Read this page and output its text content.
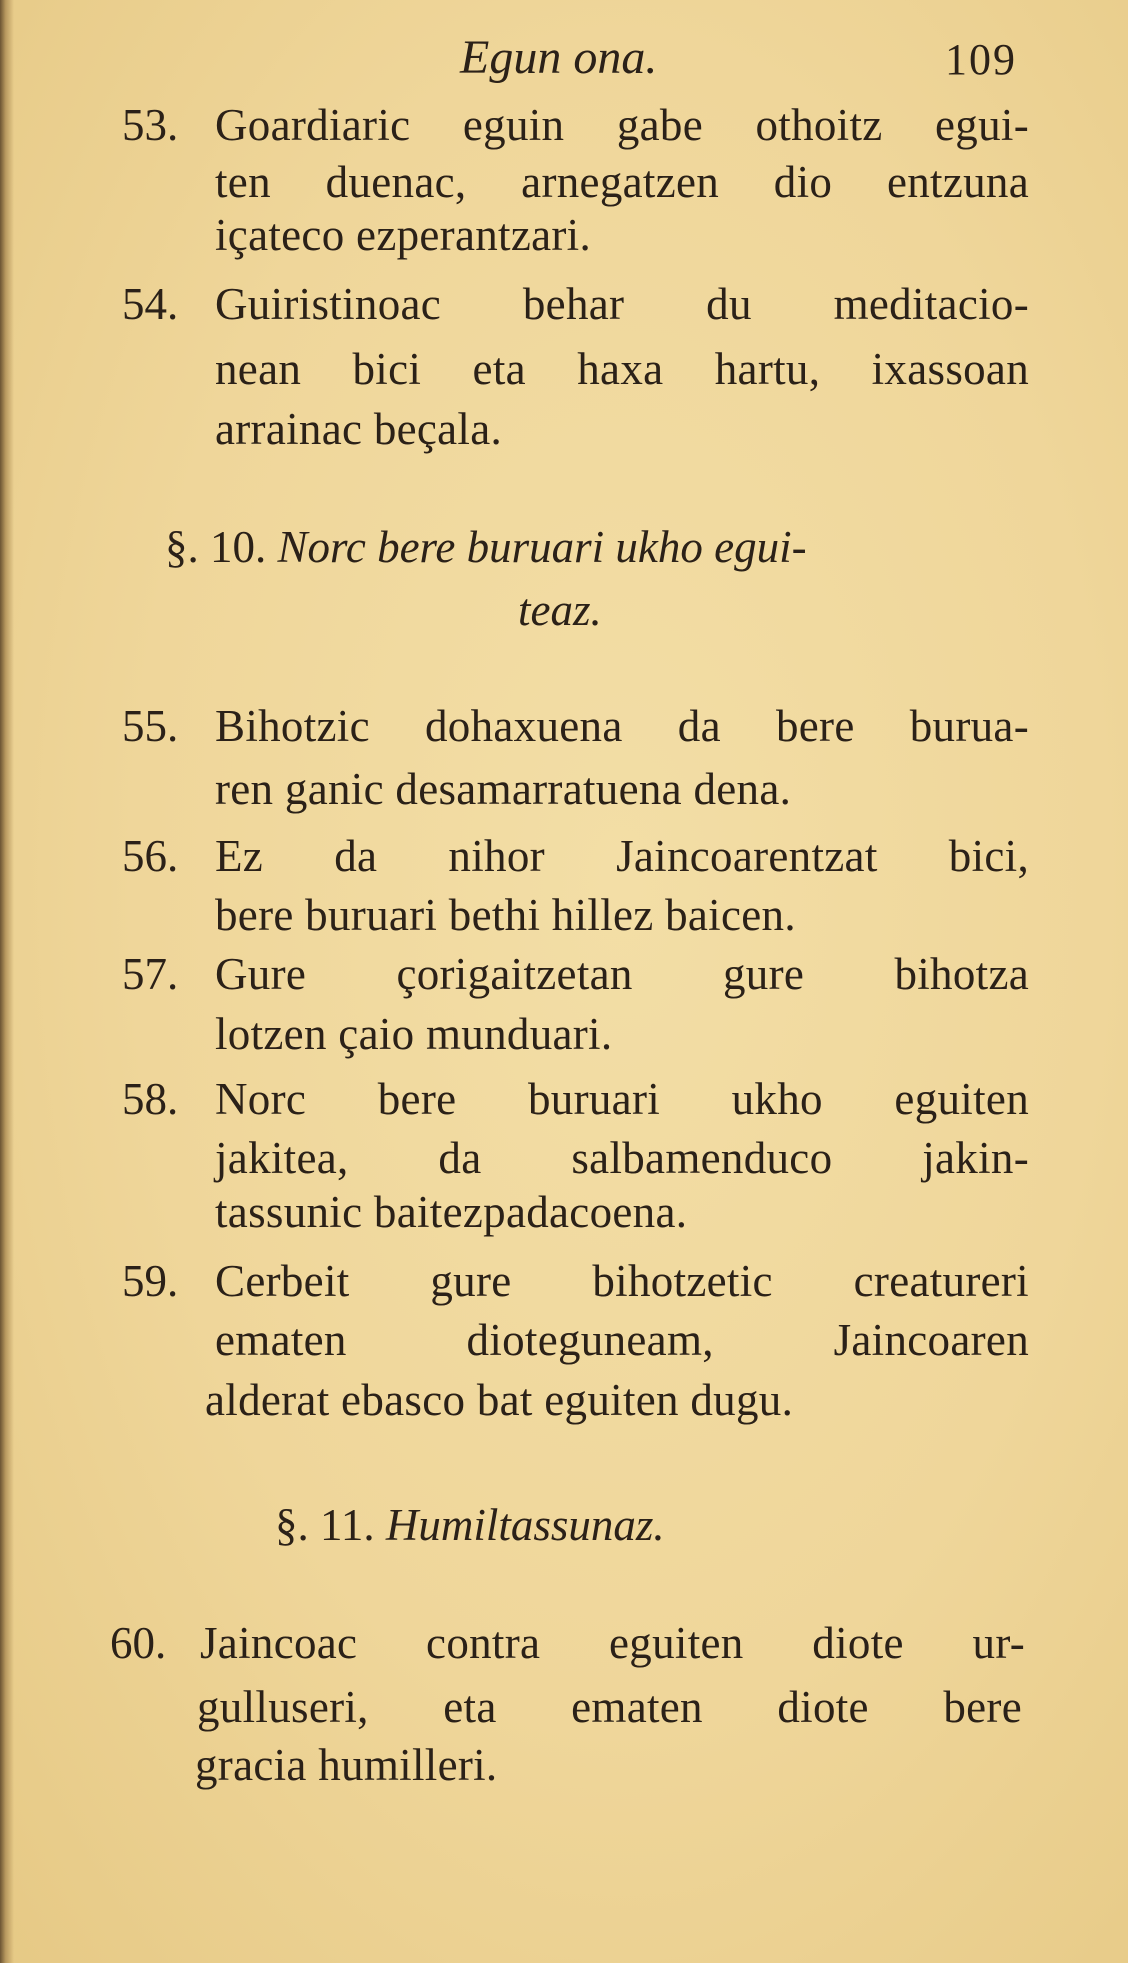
Egun ona.	109
53. Goardiaric eguin gabe othoitz egui-
ten duenac, arnegatzen dio entzuna
içateco ezperantzari.
54. Guiristinoac behar du meditacio-
nean bici eta haxa hartu, ixassoan
arrainac beçala.
§. 10. Norc bere buruari ukho egui-
teaz.
55. Bihotzic dohaxuena da bere burua-
ren ganic desamarratuena dena.
56. Ez da nihor Jaincoarentzat bici,
bere buruari bethi hillez baicen.
57. Gure çorigaitzetan gure bihotza
lotzen çaio munduari.
58. Norc bere buruari ukho eguiten
jakitea, da salbamenduco jakin-
tassunic baitezpadacoena.
59. Cerbeit gure bihotzetic creatureri
ematen dioteguneam, Jaincoaren
alderat ebasco bat eguiten dugu.
§. 11. Humiltassunaz.
60. Jaincoac contra eguiten diote ur-
gulluseri, eta ematen diote bere
gracia humilleri.
